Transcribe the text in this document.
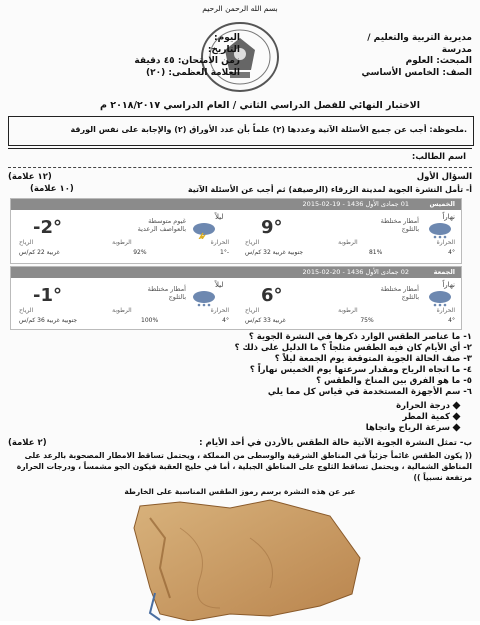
بسم الله الرحمن الرحيم
مديرية التربية والتعليم /
مدرسة
المبحث: العلوم
الصف: الخامس الأساسي
اليوم:
التاريخ:
زمن الامتحان: ٤٥ دقيقة
العلامة العظمى: (٢٠)
الاختبار النهائي للفصل الدراسي الثاني / العام الدراسي ٢٠١٨/٢٠١٧ م
.ملحوظة: أجب عن جميع الأسئلة الآتية وعددها (٢) علماً بأن عدد الأوراق (٢) والإجابة على نفس الورقة
اسم الطالب:
السؤال الأول
(١٢ علامة)
أ- تأمل النشرة الجوية لمدينة الزرقاء (الرصيفة) ثم أجب عن الأسئلة الآتية
(١٠ علامة)
الخميس
01 جمادى الأول 1436 - 19-02-2015
نهاراً
9°	أمطار مختلطة
بالثلوج
الحرارة
الرطوبة
الرياح
4°
81%
جنوبية غربية 32 كم/س
ليلاً
-2°	غيوم متوسطة
بالعواصف الرعدية
الحرارة
الرطوبة
الرياح
-1°
92%
غربية 22 كم/س
الجمعة
02 جمادى الأول 1436 - 20-02-2015
نهاراً
6°	أمطار مختلطة
بالثلوج
الحرارة
الرطوبة
الرياح
4°
75%
غربية 33 كم/س
ليلاً
-1°	أمطار مختلطة
بالثلوج
الحرارة
الرطوبة
الرياح
4°
100%
جنوبية غربية 36 كم/س
١- ما عناصر الطقس الوارد ذكرها في النشرة الجوية ؟
٢- أي الأيام كان فيه الطقس مثلجاً ؟ ما الدليل على ذلك ؟
٣- صف الحالة الجوية المتوقعة يوم الجمعة ليلاً ؟
٤- ما اتجاه الرياح ومقدار سرعتها يوم الخميس نهاراً ؟
٥- ما هو الفرق بين المناخ والطقس ؟
٦- سم الأجهزة المستخدمة في قياس كل مما يلي
درجة الحرارة
كمية المطر
سرعة الرياح واتجاها
ب- تمثل النشرة الجوية الآتية حالة الطقس بالأردن في أحد الأيام :
(٢ علامة)
(( يكون الطقس غائماً جزئياً في المناطق الشرقية والوسطى من المملكة ، ويحتمل تساقط الامطار المصحوبة بالرعد على
المناطق الشمالية ، ويحتمل تساقط الثلوج على المناطق الجبلية ، أما في خليج العقبة فيكون الجو مشمساً ، ودرجات الحرارة
مرتفعة نسبياً ))
عبر عن هذه النشرة برسم رموز الطقس المناسبة على الخارطة
